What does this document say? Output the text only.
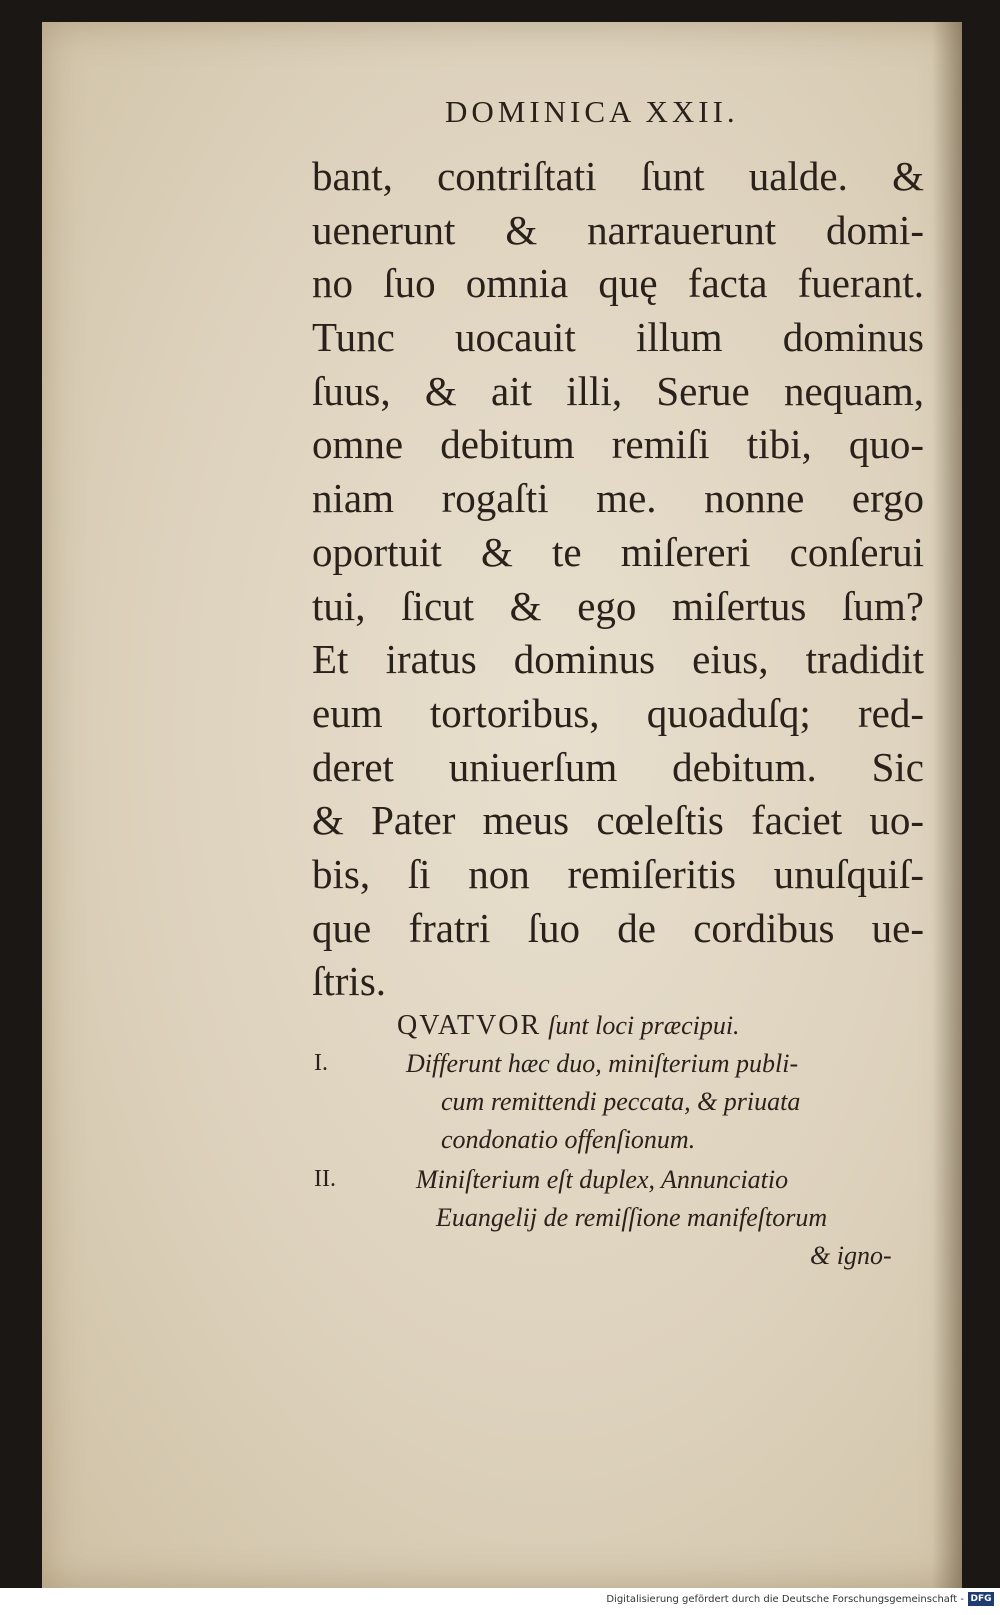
DOMINICA XXII.
bant, contriſtati ſunt ualde. &
uenerunt & narrauerunt domi-
no ſuo omnia quę facta fuerant.
Tunc uocauit illum dominus
ſuus, & ait illi, Serue nequam,
omne debitum remiſi tibi, quo-
niam rogaſti me. nonne ergo
oportuit & te miſereri conſerui
tui, ſicut & ego miſertus ſum?
Et iratus dominus eius, tradidit
eum tortoribus, quoaduſq; red-
deret uniuerſum debitum. Sic
& Pater meus cœleſtis faciet uo-
bis, ſi non remiſeritis unuſquiſ-
que fratri ſuo de cordibus ue-
ſtris.
QVATVOR ſunt loci præcipui.
I.	Differunt hæc duo, miniſterium publi-
cum remittendi peccata, & priuata
condonatio offenſionum.
II.	Miniſterium eſt duplex, Annunciatio
Euangelij de remiſſione manifeſtorum
& igno-
Digitalisierung gefördert durch die Deutsche Forschungsgemeinschaft - DFG
